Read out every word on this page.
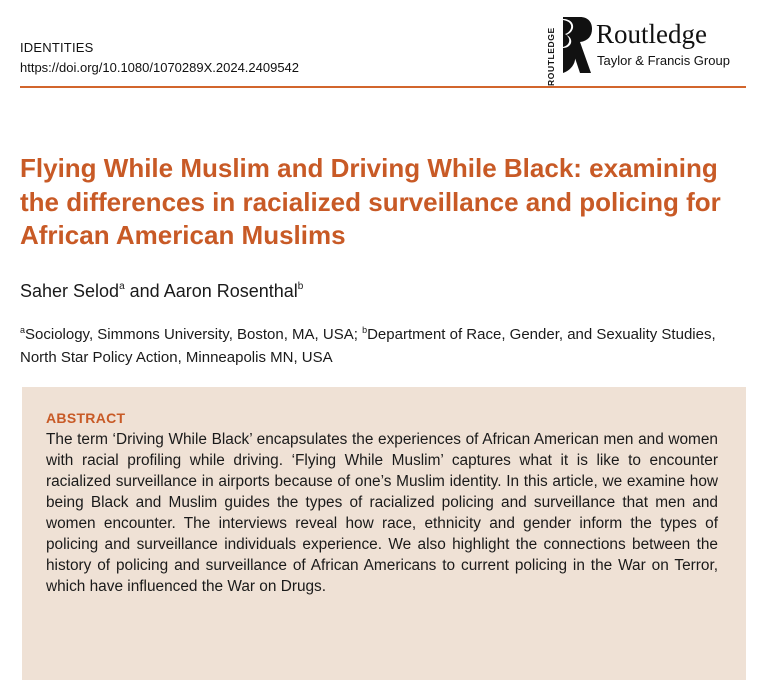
IDENTITIES
https://doi.org/10.1080/1070289X.2024.2409542	ROUTLEDGE Routledge
Taylor & Francis Group
Flying While Muslim and Driving While Black: examining the differences in racialized surveillance and policing for African American Muslims
Saher Selod$^a$ and Aaron Rosenthal$^b$
$^a$Sociology, Simmons University, Boston, MA, USA; $^b$Department of Race, Gender, and Sexuality Studies, North Star Policy Action, Minneapolis MN, USA
ABSTRACT

The term ‘Driving While Black’ encapsulates the experiences of African American men and women with racial profiling while driving. ‘Flying While Muslim’ captures what it is like to encounter racialized surveillance in airports because of one’s Muslim identity. In this article, we examine how being Black and Muslim guides the types of racialized policing and surveillance that men and women encounter. The interviews reveal how race, ethnicity and gender inform the types of policing and surveillance individuals experience. We also highlight the connections between the history of policing and surveillance of African Americans to current policing in the War on Terror, which have influenced the War on Drugs.
